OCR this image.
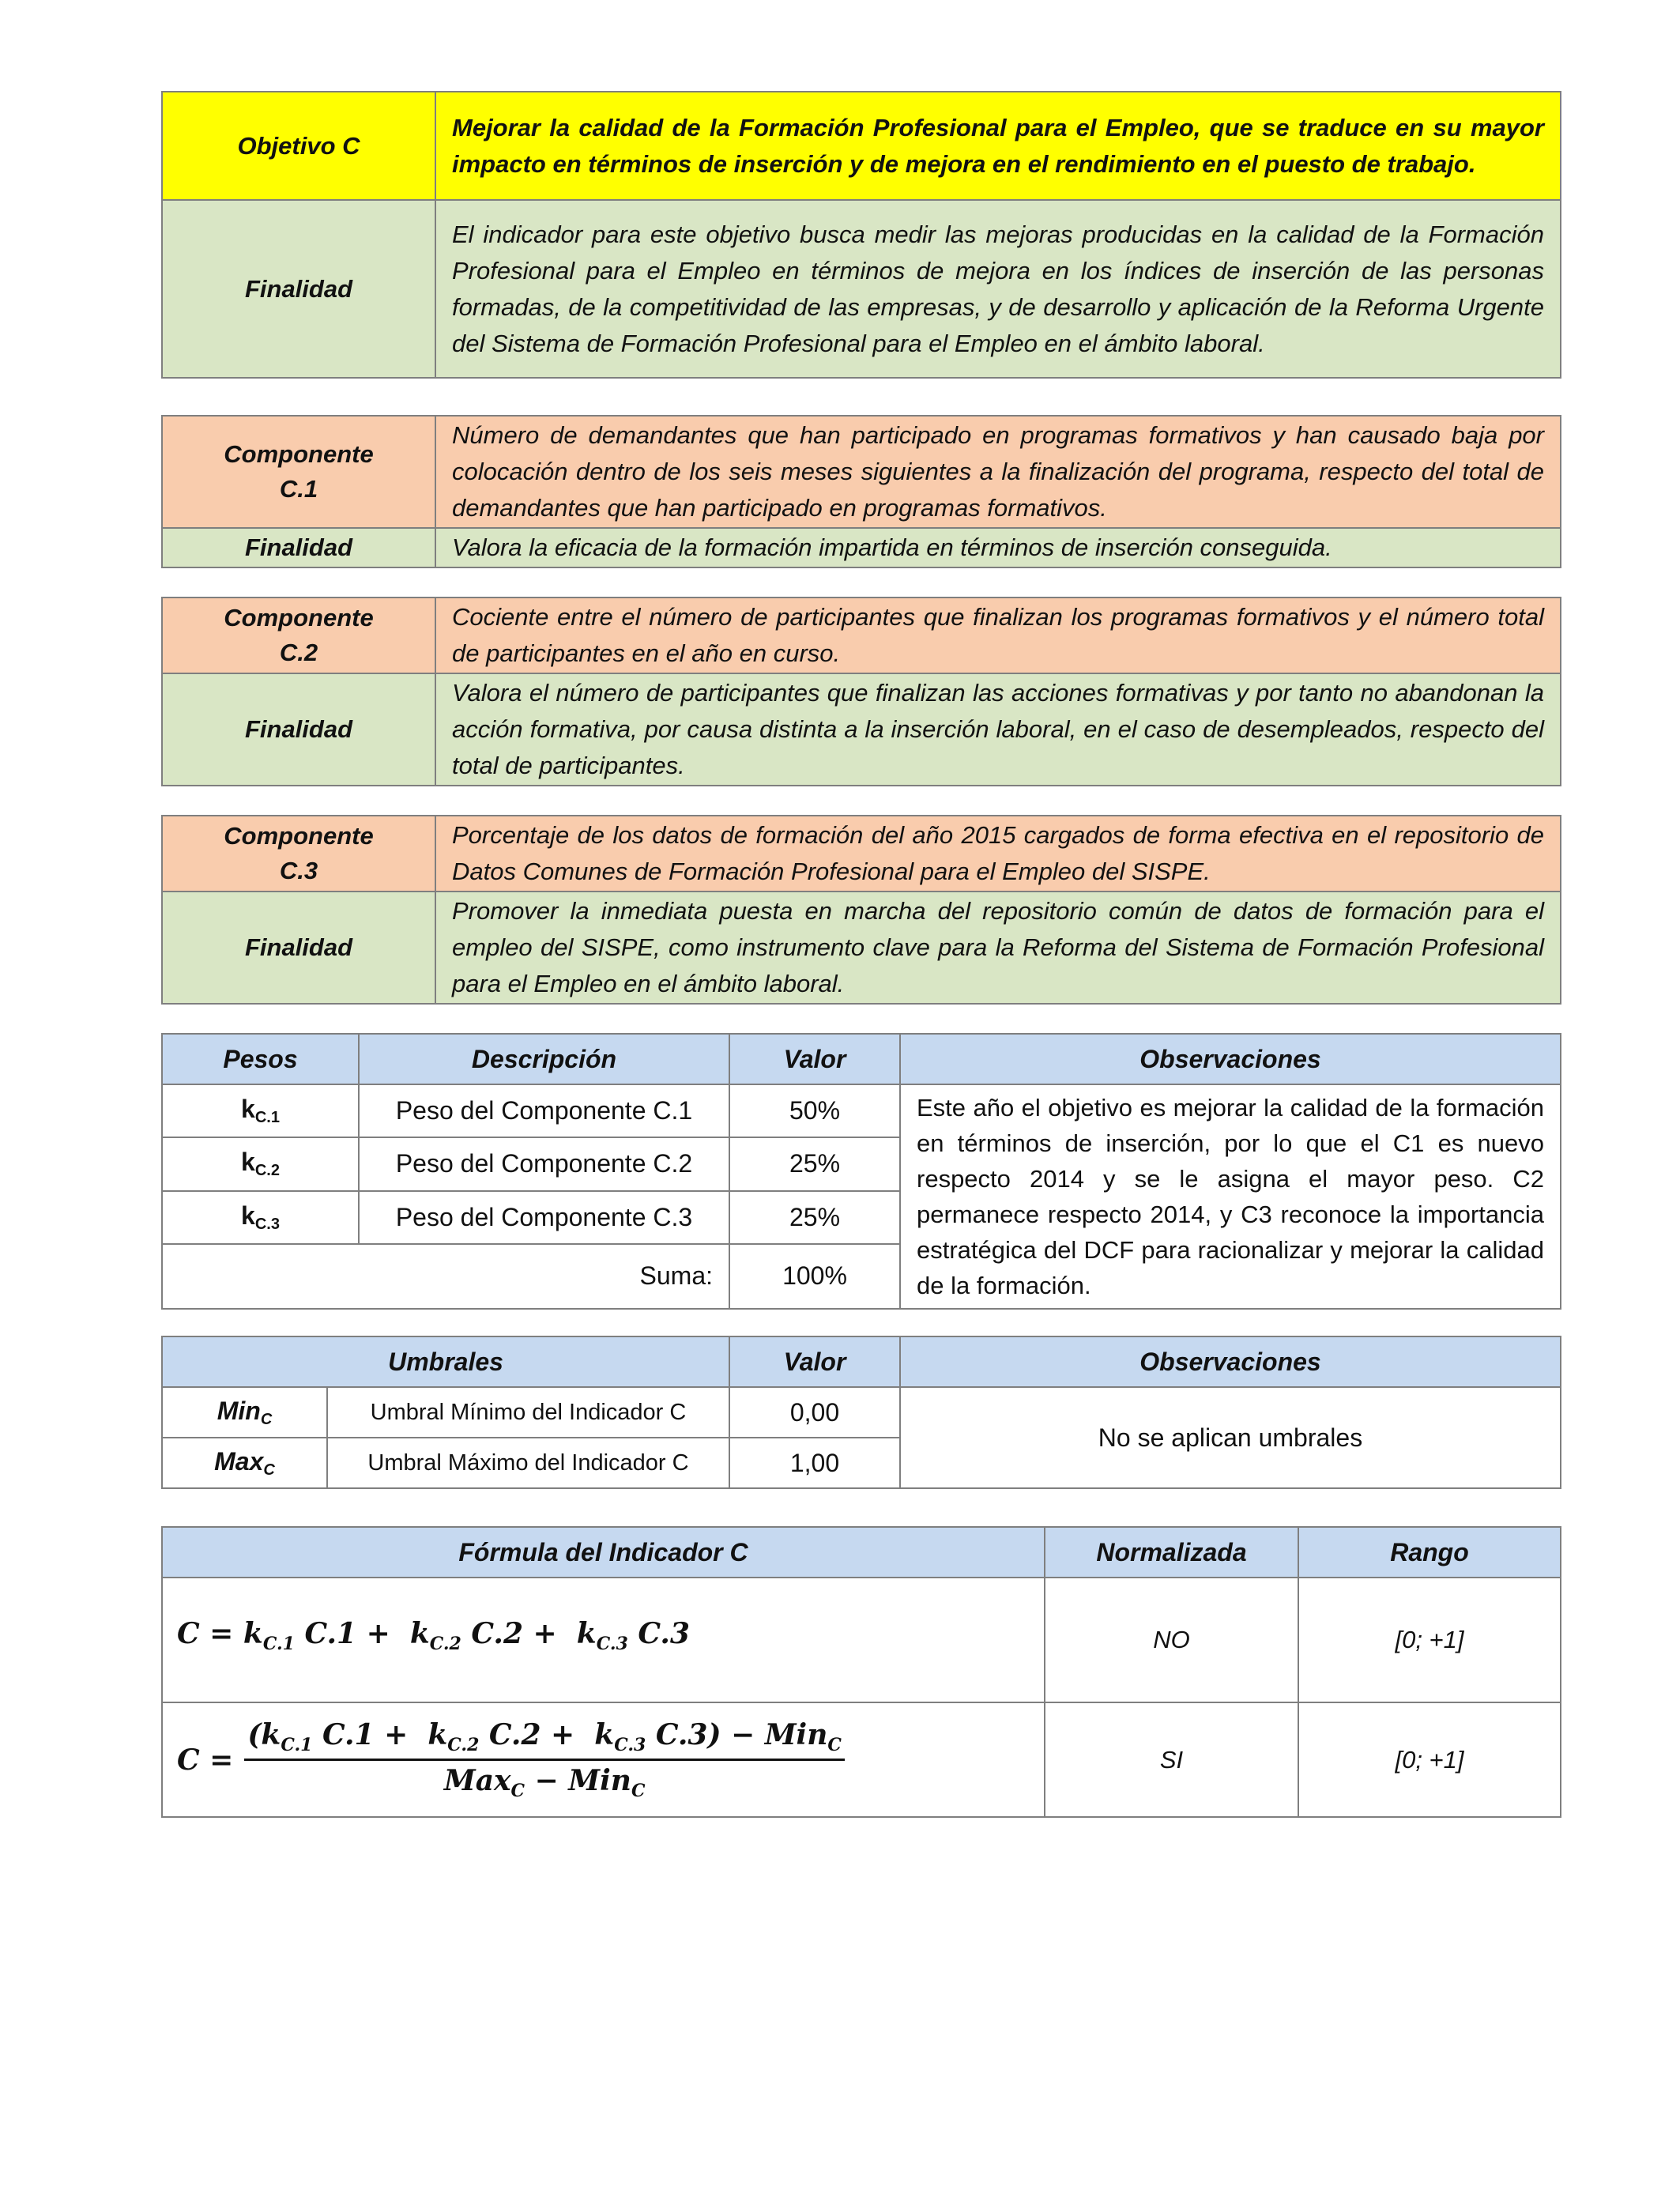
Objetivo C	Mejorar la calidad de la Formación Profesional para el Empleo, que se traduce en su mayor impacto en términos de inserción y de mejora en el rendimiento en el puesto de trabajo.
Finalidad	El indicador para este objetivo busca medir las mejoras producidas en la calidad de la Formación Profesional para el Empleo en términos de mejora en los índices de inserción de las personas formadas, de la competitividad de las empresas, y de desarrollo y aplicación de la Reforma Urgente del Sistema de Formación Profesional para el Empleo en el ámbito laboral.
Componente
C.1	Número de demandantes que han participado en programas formativos y han causado baja por colocación dentro de los seis meses siguientes a la finalización del programa, respecto del total de demandantes que han participado en programas formativos.
Finalidad	Valora la eficacia de la formación impartida en términos de inserción conseguida.
Componente
C.2	Cociente entre el número de participantes que finalizan los programas formativos y el número total de participantes en el año en curso.
Finalidad	Valora el número de participantes que finalizan las acciones formativas y por tanto no abandonan la acción formativa, por causa distinta a la inserción laboral, en el caso de desempleados, respecto del total de participantes.
Componente
C.3	Porcentaje de los datos de formación del año 2015 cargados de forma efectiva en el repositorio de Datos Comunes de Formación Profesional para el Empleo del SISPE.
Finalidad	Promover la inmediata puesta en marcha del repositorio común de datos de formación para el empleo del SISPE, como instrumento clave para la Reforma del Sistema de Formación Profesional para el Empleo en el ámbito laboral.
Pesos	Descripción	Valor	Observaciones
$k_{C.1}$	Peso del Componente C.1	50%	Este año el objetivo es mejorar la calidad de la formación en términos de inserción, por lo que el C1 es nuevo respecto 2014 y se le asigna el mayor peso. C2 permanece respecto 2014, y C3 reconoce la importancia estratégica del DCF para racionalizar y mejorar la calidad de la formación.
$k_{C.2}$	Peso del Componente C.2	25%	
$k_{C.3}$	Peso del Componente C.3	25%	
Suma:		100%	
Umbrales		Valor	Observaciones
Min$_C$	Umbral Mínimo del Indicador C	0,00	No se aplican umbrales
Max$_C$	Umbral Máximo del Indicador C	1,00	
Fórmula del Indicador C	Normalizada	Rango

$C = k_{C.1}$ $C.1 + k_{C.2}$ $C.2 + k_{C.3}$ C.3	NO	[0; +1]

C =
($k_{C.1}$ $C.1 + k_{C.2}$ $C.2 + k_{C.3}$ C.3) − Min$_C$
Max$_C$ − Min$_C$	SI	[0; +1]
